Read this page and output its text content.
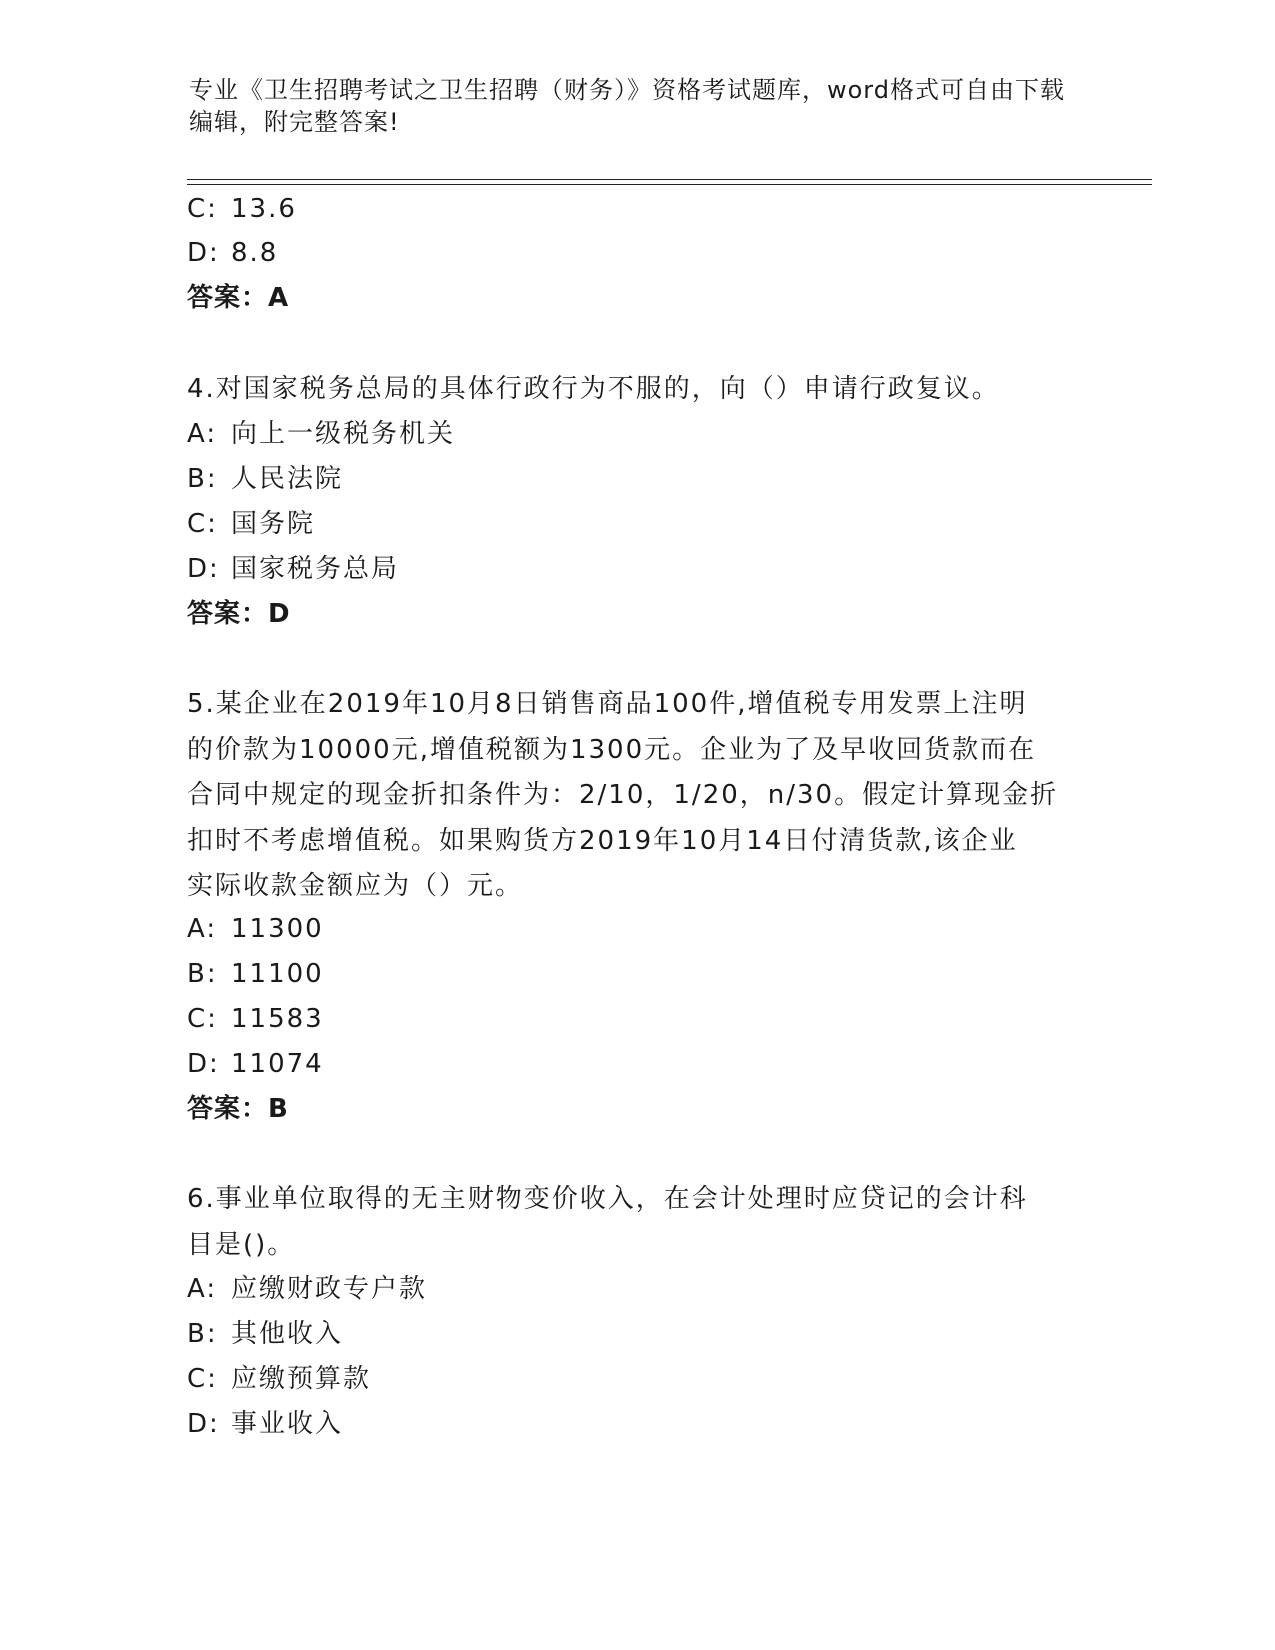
专业《卫生招聘考试之卫生招聘（财务）》资格考试题库，word格式可自由下载
编辑，附完整答案!
C: 13.6
D: 8.8
答案：A
4.对国家税务总局的具体行政行为不服的，向（）申请行政复议。
A: 向上一级税务机关
B: 人民法院
C: 国务院
D: 国家税务总局
答案：D
5.某企业在2019年10月8日销售商品100件,增值税专用发票上注明
的价款为10000元,增值税额为1300元。企业为了及早收回货款而在
合同中规定的现金折扣条件为：2/10，1/20，n/30。假定计算现金折
扣时不考虑增值税。如果购货方2019年10月14日付清货款,该企业
实际收款金额应为（）元。
A: 11300
B: 11100
C: 11583
D: 11074
答案：B
6.事业单位取得的无主财物变价收入，在会计处理时应贷记的会计科
目是()。
A: 应缴财政专户款
B: 其他收入
C: 应缴预算款
D: 事业收入
